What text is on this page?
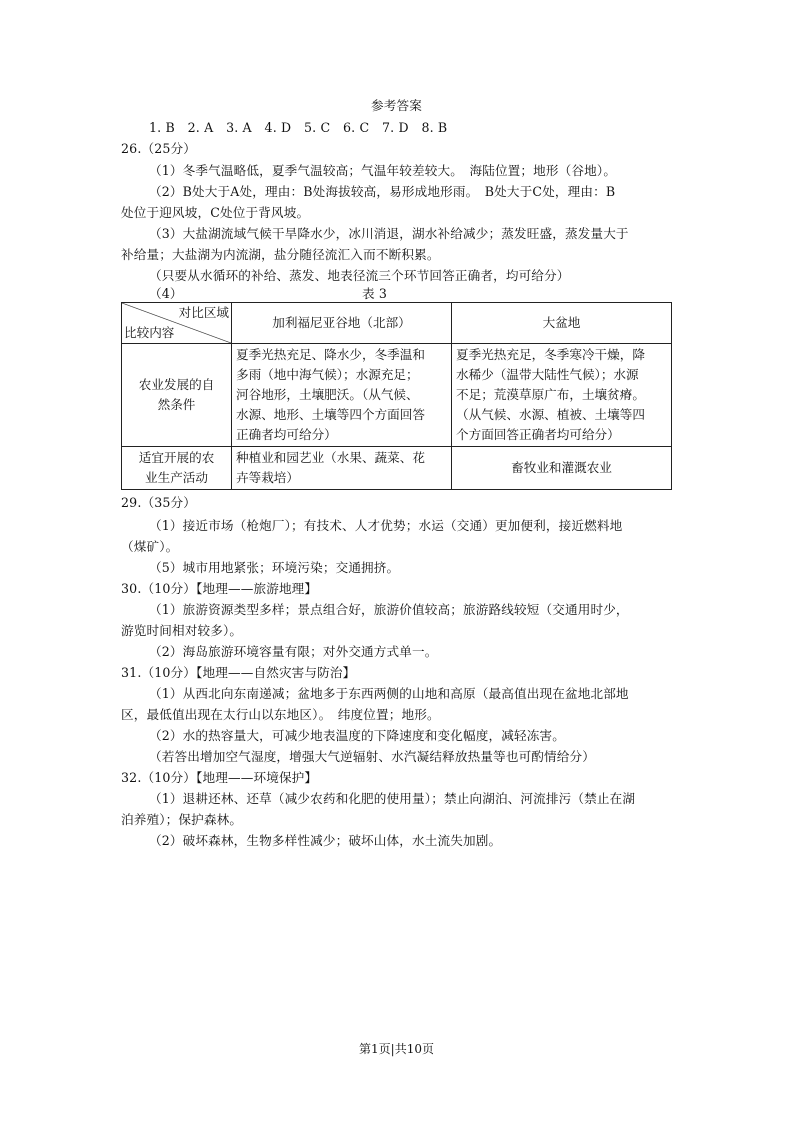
参考答案
1. B　2. A　3. A　4. D　5. C　6. C　7. D　8. B
26.（25分）
（1）冬季气温略低，夏季气温较高；气温年较差较大。　海陆位置；地形（谷地）。
（2）B处大于A处，理由：B处海拔较高，易形成地形雨。　B处大于C处，理由：B
处位于迎风坡，C处位于背风坡。
（3）大盐湖流域气候干旱降水少，冰川消退，湖水补给减少；蒸发旺盛，蒸发量大于
补给量；大盐湖为内流湖，盐分随径流汇入而不断积累。
（只要从水循环的补给、蒸发、地表径流三个环节回答正确者，均可给分）
（4）	表 3
对比区域
比较内容	加利福尼亚谷地（北部）	大盆地
农业发展的自
然条件	夏季光热充足、降水少，冬季温和
多雨（地中海气候）；水源充足；
河谷地形，土壤肥沃。（从气候、
水源、地形、土壤等四个方面回答
正确者均可给分）	夏季光热充足，冬季寒冷干燥，降
水稀少（温带大陆性气候）；水源
不足；荒漠草原广布，土壤贫瘠。
（从气候、水源、植被、土壤等四
个方面回答正确者均可给分）
适宜开展的农
业生产活动	种植业和园艺业（水果、蔬菜、花
卉等栽培）	畜牧业和灌溉农业
29.（35分）
（1）接近市场（枪炮厂）；有技术、人才优势；水运（交通）更加便利，接近燃料地
（煤矿）。
（5）城市用地紧张；环境污染；交通拥挤。
30.（10分）【地理——旅游地理】
（1）旅游资源类型多样；景点组合好，旅游价值较高；旅游路线较短（交通用时少，
游览时间相对较多）。
（2）海岛旅游环境容量有限；对外交通方式单一。
31.（10分）【地理——自然灾害与防治】
（1）从西北向东南递减；盆地多于东西两侧的山地和高原（最高值出现在盆地北部地
区，最低值出现在太行山以东地区）。　纬度位置；地形。
（2）水的热容量大，可减少地表温度的下降速度和变化幅度，减轻冻害。
（若答出增加空气湿度，增强大气逆辐射、水汽凝结释放热量等也可酌情给分）
32.（10分）【地理——环境保护】
（1）退耕还林、还草（减少农药和化肥的使用量）；禁止向湖泊、河流排污（禁止在湖
泊养殖）；保护森林。
（2）破坏森林，生物多样性减少；破坏山体，水土流失加剧。
第1页|共10页
